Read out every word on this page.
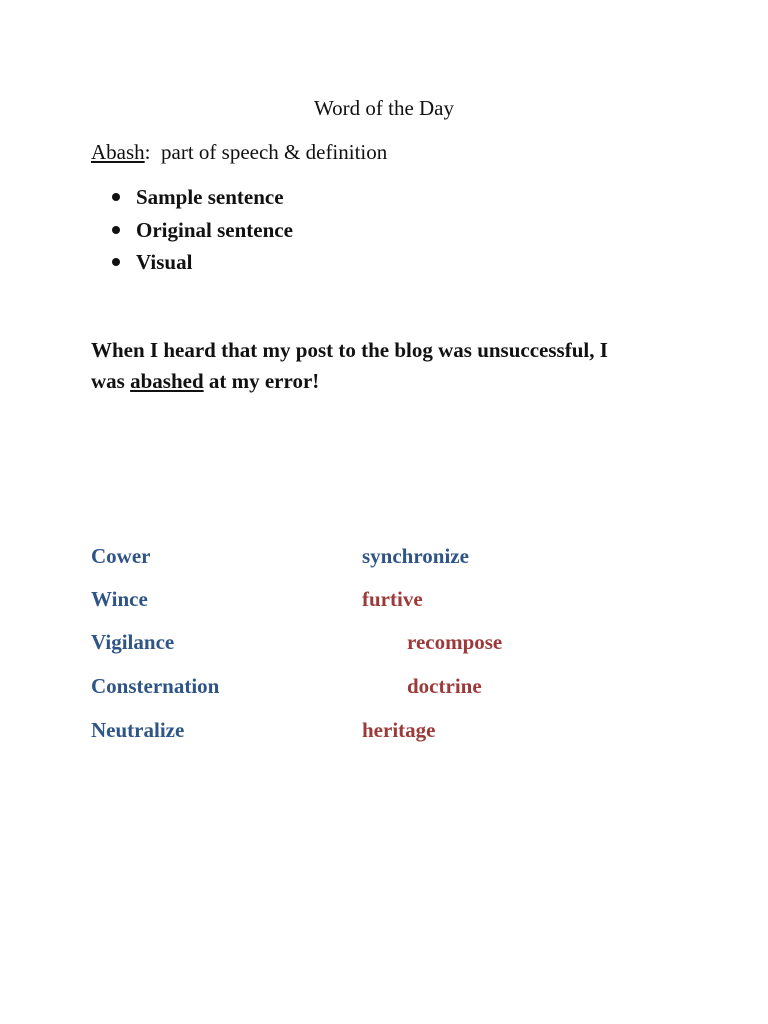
Word of the Day
Abash:  part of speech & definition
Sample sentence
Original sentence
Visual
When I heard that my post to the blog was unsuccessful, I
was abashed at my error!
Cower
Wince
Vigilance
Consternation
Neutralize
synchronize
furtive
recompose
doctrine
heritage
